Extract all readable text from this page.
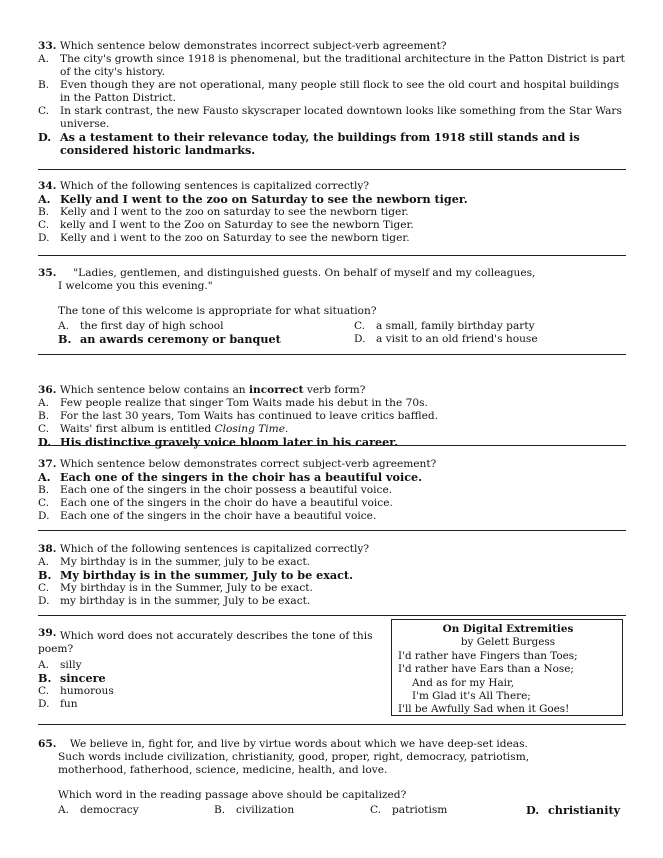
33. Which sentence below demonstrates incorrect subject-verb agreement?
A. The city's growth since 1918 is phenomenal, but the traditional architecture in the Patton District is part of the city's history.
B. Even though they are not operational, many people still flock to see the old court and hospital buildings in the Patton District.
C. In stark contrast, the new Fausto skyscraper located downtown looks like something from the Star Wars universe.
D. As a testament to their relevance today, the buildings from 1918 still stands and is considered historic landmarks.
34. Which of the following sentences is capitalized correctly?
A. Kelly and I went to the zoo on Saturday to see the newborn tiger.
B. Kelly and I went to the zoo on saturday to see the newborn tiger.
C. kelly and I went to the Zoo on Saturday to see the newborn Tiger.
D. Kelly and i went to the zoo on Saturday to see the newborn tiger.
35. "Ladies, gentlemen, and distinguished guests. On behalf of myself and my colleagues,
I welcome you this evening."
The tone of this welcome is appropriate for what situation?
A. the first day of high school
B. an awards ceremony or banquet
C. a small, family birthday party
D. a visit to an old friend's house
36. Which sentence below contains an incorrect verb form?
A. Few people realize that singer Tom Waits made his debut in the 70s.
B. For the last 30 years, Tom Waits has continued to leave critics baffled.
C. Waits' first album is entitled Closing Time.
D. His distinctive gravely voice bloom later in his career.
37. Which sentence below demonstrates correct subject-verb agreement?
A. Each one of the singers in the choir has a beautiful voice.
B. Each one of the singers in the choir possess a beautiful voice.
C. Each one of the singers in the choir do have a beautiful voice.
D. Each one of the singers in the choir have a beautiful voice.
38. Which of the following sentences is capitalized correctly?
A. My birthday is in the summer, july to be exact.
B. My birthday is in the summer, July to be exact.
C. My birthday is in the Summer, July to be exact.
D. my birthday is in the summer, July to be exact.
39. Which word does not accurately describes the tone of this poem?
A. silly
B. sincere
C. humorous
D. fun
On Digital Extremities
by Gelett Burgess
I'd rather have Fingers than Toes;
I'd rather have Ears than a Nose;
And as for my Hair,
I'm Glad it's All There;
I'll be Awfully Sad when it Goes!
65. We believe in, fight for, and live by virtue words about which we have deep-set ideas.
Such words include civilization, christianity, good, proper, right, democracy, patriotism,
motherhood, fatherhood, science, medicine, health, and love.
Which word in the reading passage above should be capitalized?
A. democracy	B. civilization	C. patriotism	D. christianity
